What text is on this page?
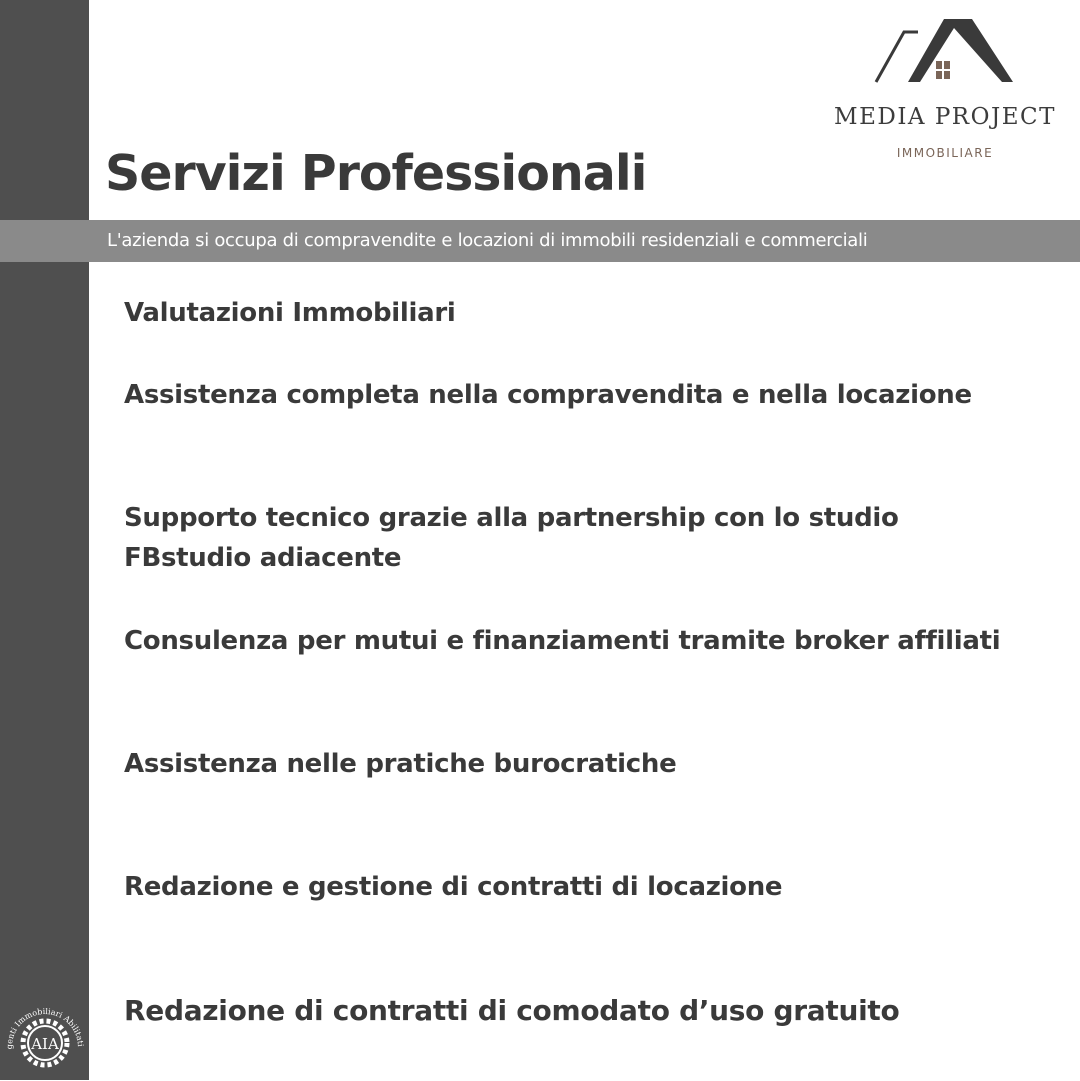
MEDIA PROJECT
IMMOBILIARE
Servizi Professionali
L'azienda si occupa di compravendite e locazioni di immobili residenziali e commerciali

Valutazioni Immobiliari

Assistenza completa nella compravendita e nella locazione

Supporto tecnico grazie alla partnership con lo studio FBstudio adiacente

Consulenza per mutui e finanziamenti tramite broker affiliati

Assistenza nelle pratiche burocratiche

Redazione e gestione di contratti di locazione

Redazione di contratti di comodato d’uso gratuito

genti Immobiliari Abilitati
AIA
